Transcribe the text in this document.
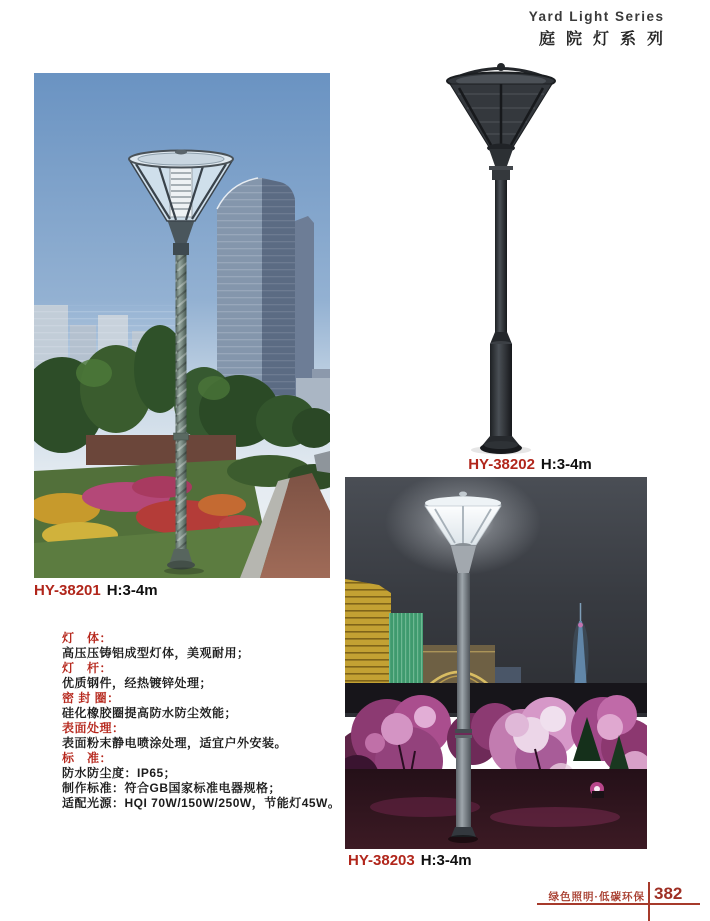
Yard Light Series
庭院灯系列
HY-38201 H:3-4m
HY-38202 H:3-4m
HY-38203 H:3-4m
灯　体：
高压压铸铝成型灯体，美观耐用；
灯　杆：
优质钢件，经热镀锌处理；
密 封 圈：
硅化橡胶圈提高防水防尘效能；
表面处理：
表面粉末静电喷涂处理，适宜户外安装。
标　准：
防水防尘度：IP65；
制作标准：符合GB国家标准电器规格；
适配光源：HQI 70W/150W/250W，节能灯45W。
绿色照明·低碳环保 382
